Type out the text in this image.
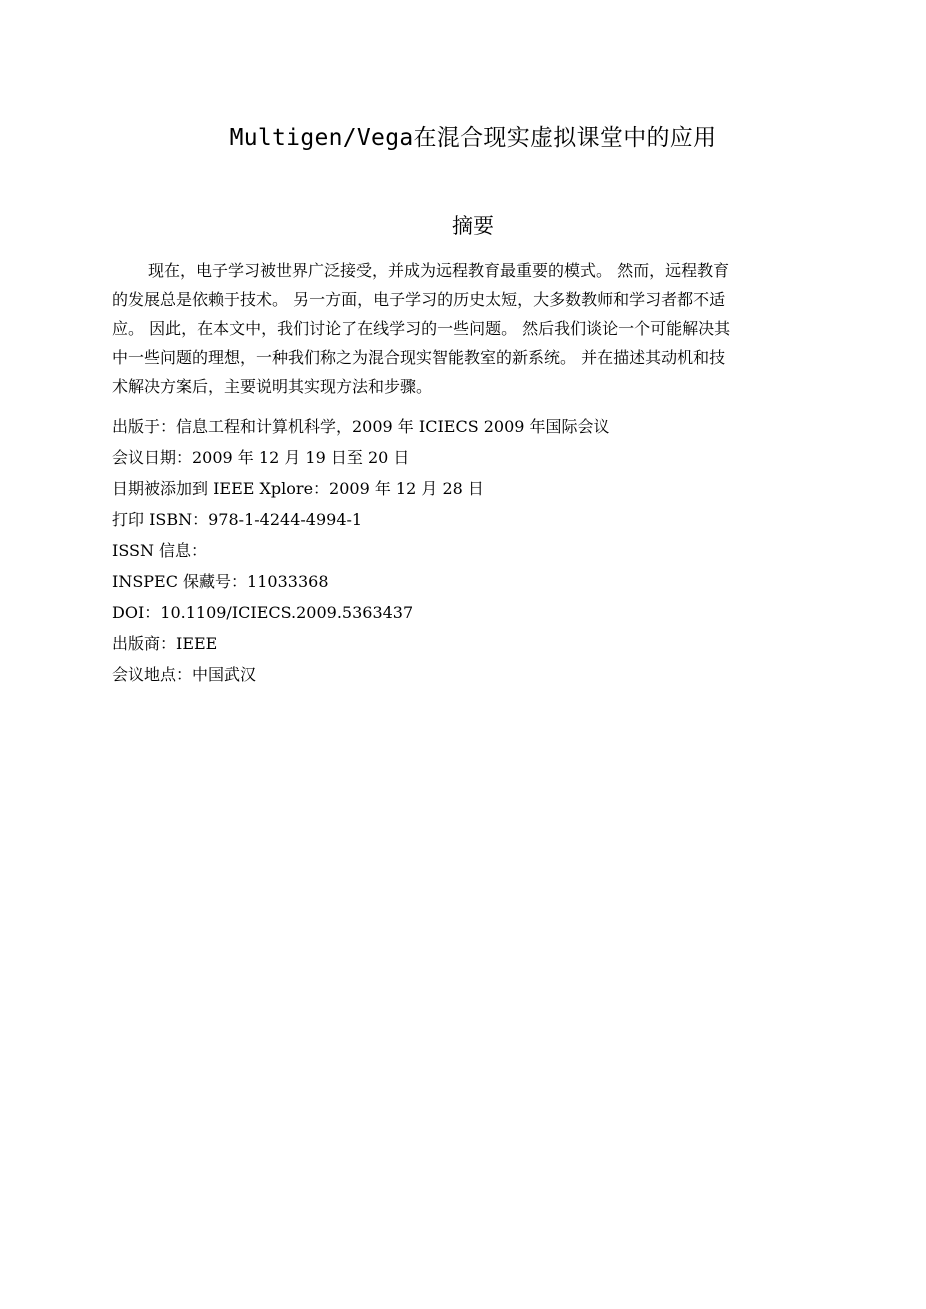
Multigen/Vega在混合现实虚拟课堂中的应用
摘要
现在，电子学习被世界广泛接受，并成为远程教育最重要的模式。 然而，远程教育
的发展总是依赖于技术。 另一方面，电子学习的历史太短，大多数教师和学习者都不适
应。 因此，在本文中，我们讨论了在线学习的一些问题。 然后我们谈论一个可能解决其
中一些问题的理想，一种我们称之为混合现实智能教室的新系统。 并在描述其动机和技
术解决方案后，主要说明其实现方法和步骤。
出版于：信息工程和计算机科学，2009 年 ICIECS 2009 年国际会议
会议日期：2009 年 12 月 19 日至 20 日
日期被添加到 IEEE Xplore：2009 年 12 月 28 日
打印 ISBN：978-1-4244-4994-1
ISSN 信息：
INSPEC 保藏号：11033368
DOI：10.1109/ICIECS.2009.5363437
出版商：IEEE
会议地点：中国武汉
